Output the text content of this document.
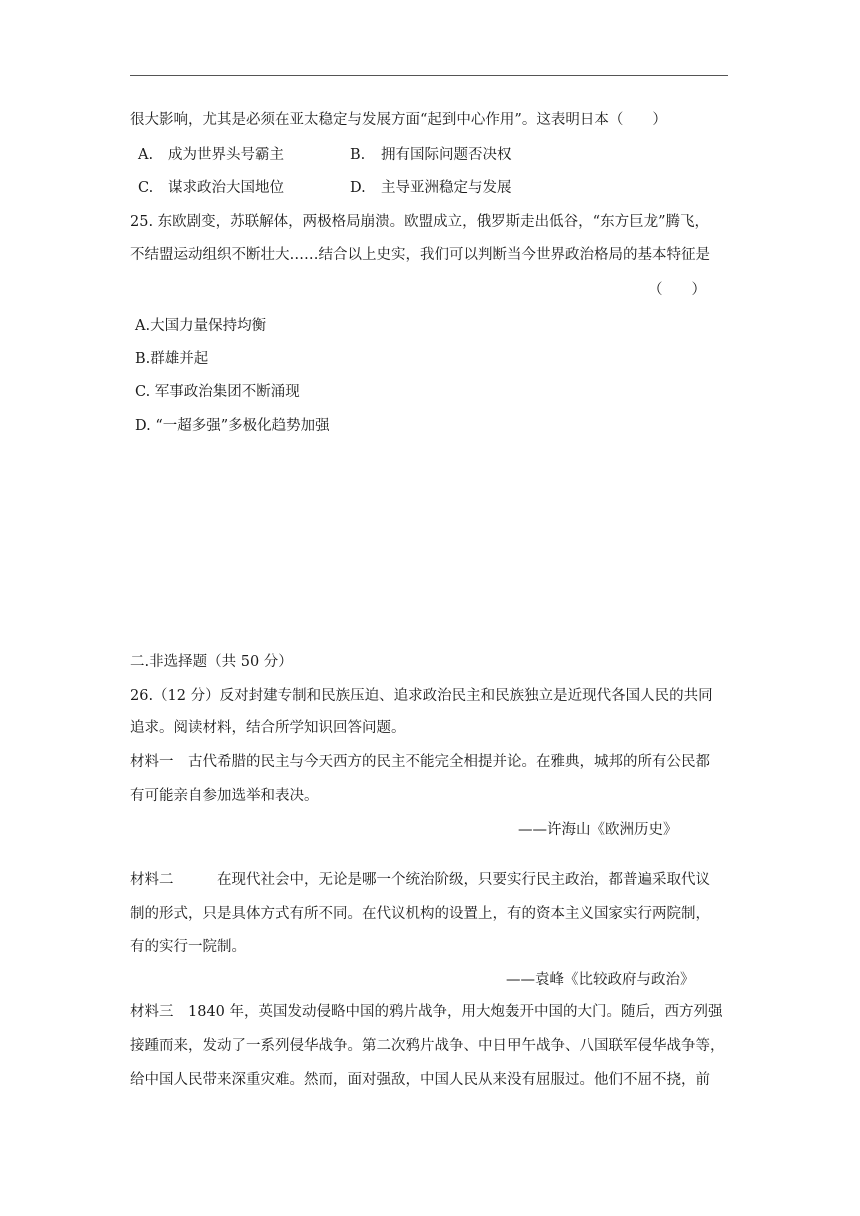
很大影响，尤其是必须在亚太稳定与发展方面“起到中心作用”。这表明日本（　　）
A. 成为世界头号霸主	B. 拥有国际问题否决权
C. 谋求政治大国地位	D. 主导亚洲稳定与发展
25. 东欧剧变，苏联解体，两极格局崩溃。欧盟成立，俄罗斯走出低谷，“东方巨龙”腾飞，
不结盟运动组织不断壮大……结合以上史实，我们可以判断当今世界政治格局的基本特征是
（　　）
A.大国力量保持均衡
B.群雄并起
C. 军事政治集团不断涌现
D. “一超多强”多极化趋势加强
二.非选择题（共 50 分）
26.（12 分）反对封建专制和民族压迫、追求政治民主和民族独立是近现代各国人民的共同
追求。阅读材料，结合所学知识回答问题。
材料一　古代希腊的民主与今天西方的民主不能完全相提并论。在雅典，城邦的所有公民都
有可能亲自参加选举和表决。
——许海山《欧洲历史》
材料二	在现代社会中，无论是哪一个统治阶级，只要实行民主政治，都普遍采取代议
制的形式，只是具体方式有所不同。在代议机构的设置上，有的资本主义国家实行两院制，
有的实行一院制。
——袁峰《比较政府与政治》
材料三　1840 年，英国发动侵略中国的鸦片战争，用大炮轰开中国的大门。随后，西方列强
接踵而来，发动了一系列侵华战争。第二次鸦片战争、中日甲午战争、八国联军侵华战争等，
给中国人民带来深重灾难。然而，面对强敌，中国人民从来没有屈服过。他们不屈不挠，前
